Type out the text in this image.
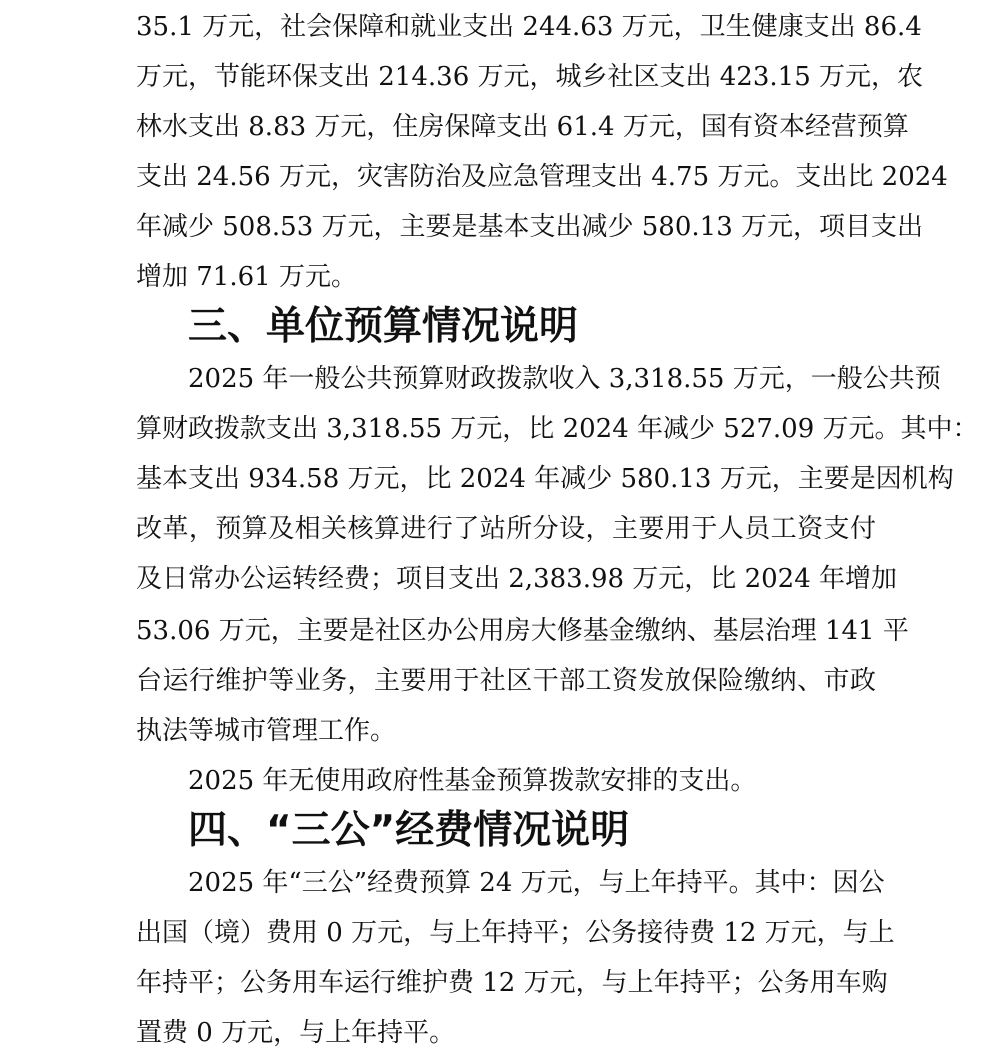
35.1 万元，社会保障和就业支出 244.63 万元，卫生健康支出 86.4

万元，节能环保支出 214.36 万元，城乡社区支出 423.15 万元，农

林水支出 8.83 万元，住房保障支出 61.4 万元，国有资本经营预算

支出 24.56 万元，灾害防治及应急管理支出 4.75 万元。支出比 2024

年减少 508.53 万元，主要是基本支出减少 580.13 万元，项目支出

增加 71.61 万元。

三、单位预算情况说明

2025 年一般公共预算财政拨款收入 3,318.55 万元，一般公共预

算财政拨款支出 3,318.55 万元，比 2024 年减少 527.09 万元。其中：

基本支出 934.58 万元，比 2024 年减少 580.13 万元，主要是因机构

改革，预算及相关核算进行了站所分设，主要用于人员工资支付

及日常办公运转经费；项目支出 2,383.98 万元，比 2024 年增加

53.06 万元，主要是社区办公用房大修基金缴纳、基层治理 141 平

台运行维护等业务，主要用于社区干部工资发放保险缴纳、市政

执法等城市管理工作。

2025 年无使用政府性基金预算拨款安排的支出。

四、“三公”经费情况说明

2025 年“三公”经费预算 24 万元，与上年持平。其中：因公

出国（境）费用 0 万元，与上年持平；公务接待费 12 万元，与上

年持平；公务用车运行维护费 12 万元，与上年持平；公务用车购

置费 0 万元，与上年持平。
